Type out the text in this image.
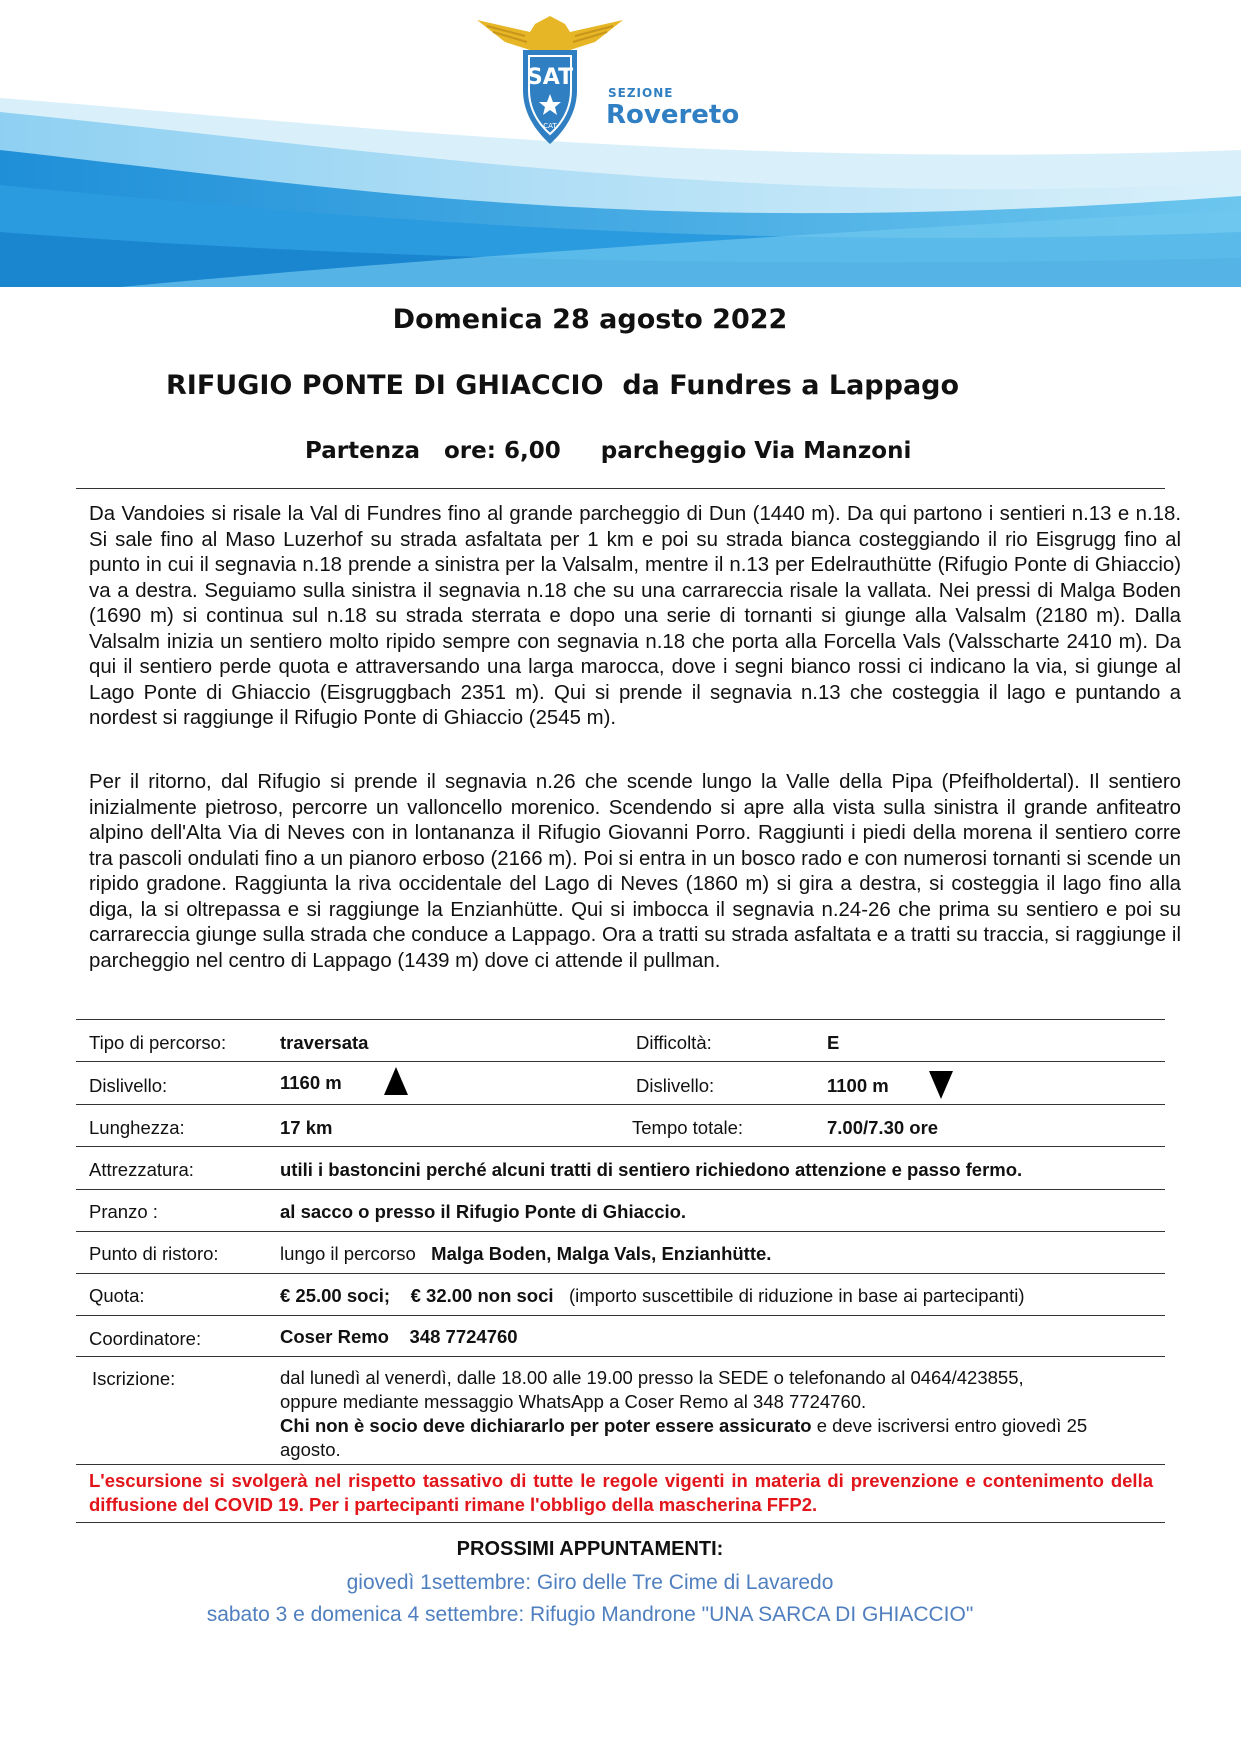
SAT
CAT
SEZIONE
Rovereto
Domenica 28 agosto 2022
RIFUGIO PONTE DI GHIACCIO  da Fundres a Lappago
Partenza   ore: 6,00     parcheggio Via Manzoni

Da Vandoies si risale la Val di Fundres fino al grande parcheggio di Dun (1440 m). Da qui partono i sentieri n.13 e n.18. Si sale fino al Maso Luzerhof su strada asfaltata per 1 km e poi su strada bianca costeggiando il rio Eisgrugg fino al punto in cui il segnavia n.18 prende a sinistra per la Valsalm, mentre il n.13 per Edelrauthütte (Rifugio Ponte di Ghiaccio) va a destra. Seguiamo sulla sinistra il segnavia n.18 che su una carrareccia risale la vallata. Nei pressi di Malga Boden (1690 m) si continua sul n.18 su strada sterrata e dopo una serie di tornanti si giunge alla Valsalm (2180 m). Dalla Valsalm inizia un sentiero molto ripido sempre con segnavia n.18 che porta alla Forcella Vals (Valsscharte 2410 m). Da qui il sentiero perde quota e attraversando una larga marocca, dove i segni bianco rossi ci indicano la via, si giunge al Lago Ponte di Ghiaccio (Eisgruggbach 2351 m). Qui si prende il segnavia n.13 che costeggia il lago e puntando a nordest si raggiunge il Rifugio Ponte di Ghiaccio (2545 m).

Per il ritorno, dal Rifugio si prende il segnavia n.26 che scende lungo la Valle della Pipa (Pfeifholdertal). Il sentiero inizialmente pietroso, percorre un valloncello morenico. Scendendo si apre alla vista sulla sinistra il grande anfiteatro alpino dell'Alta Via di Neves con in lontananza il Rifugio Giovanni Porro. Raggiunti i piedi della morena il sentiero corre tra pascoli ondulati fino a un pianoro erboso (2166 m). Poi si entra in un bosco rado e con numerosi tornanti si scende un ripido gradone. Raggiunta la riva occidentale del Lago di Neves (1860 m) si gira a destra, si costeggia il lago fino alla diga, la si oltrepassa e si raggiunge la Enzianhütte. Qui si imbocca il segnavia n.24-26 che prima su sentiero e poi su carrareccia giunge sulla strada che conduce a Lappago. Ora a tratti su strada asfaltata e a tratti su traccia, si raggiunge il parcheggio nel centro di Lappago (1439 m) dove ci attende il pullman.

Tipo di percorso:	traversata	Difficoltà:	E
Dislivello:	1160 m	Dislivello:	1100 m
Lunghezza:	17 km	Tempo totale:	7.00/7.30 ore
Attrezzatura:	utili i bastoncini perché alcuni tratti di sentiero richiedono attenzione e passo fermo.
Pranzo :	al sacco o presso il Rifugio Ponte di Ghiaccio.
Punto di ristoro:	lungo il percorso Malga Boden, Malga Vals, Enzianhütte.
Quota:	€ 25.00 soci; € 32.00 non soci (importo suscettibile di riduzione in base ai partecipanti)
Coordinatore:	Coser Remo    348 7724760
Iscrizione:	dal lunedì al venerdì, dalle 18.00 alle 19.00 presso la SEDE o telefonando al 0464/423855,
oppure mediante messaggio WhatsApp a Coser Remo al 348 7724760.
Chi non è socio deve dichiararlo per poter essere assicurato e deve iscriversi entro giovedì 25 agosto.

L'escursione si svolgerà nel rispetto tassativo di tutte le regole vigenti in materia di prevenzione e contenimento della diffusione del COVID 19. Per i partecipanti rimane l'obbligo della mascherina FFP2.

PROSSIMI APPUNTAMENTI:
giovedì 1settembre: Giro delle Tre Cime di Lavaredo
sabato 3 e domenica 4 settembre: Rifugio Mandrone "UNA SARCA DI GHIACCIO"
